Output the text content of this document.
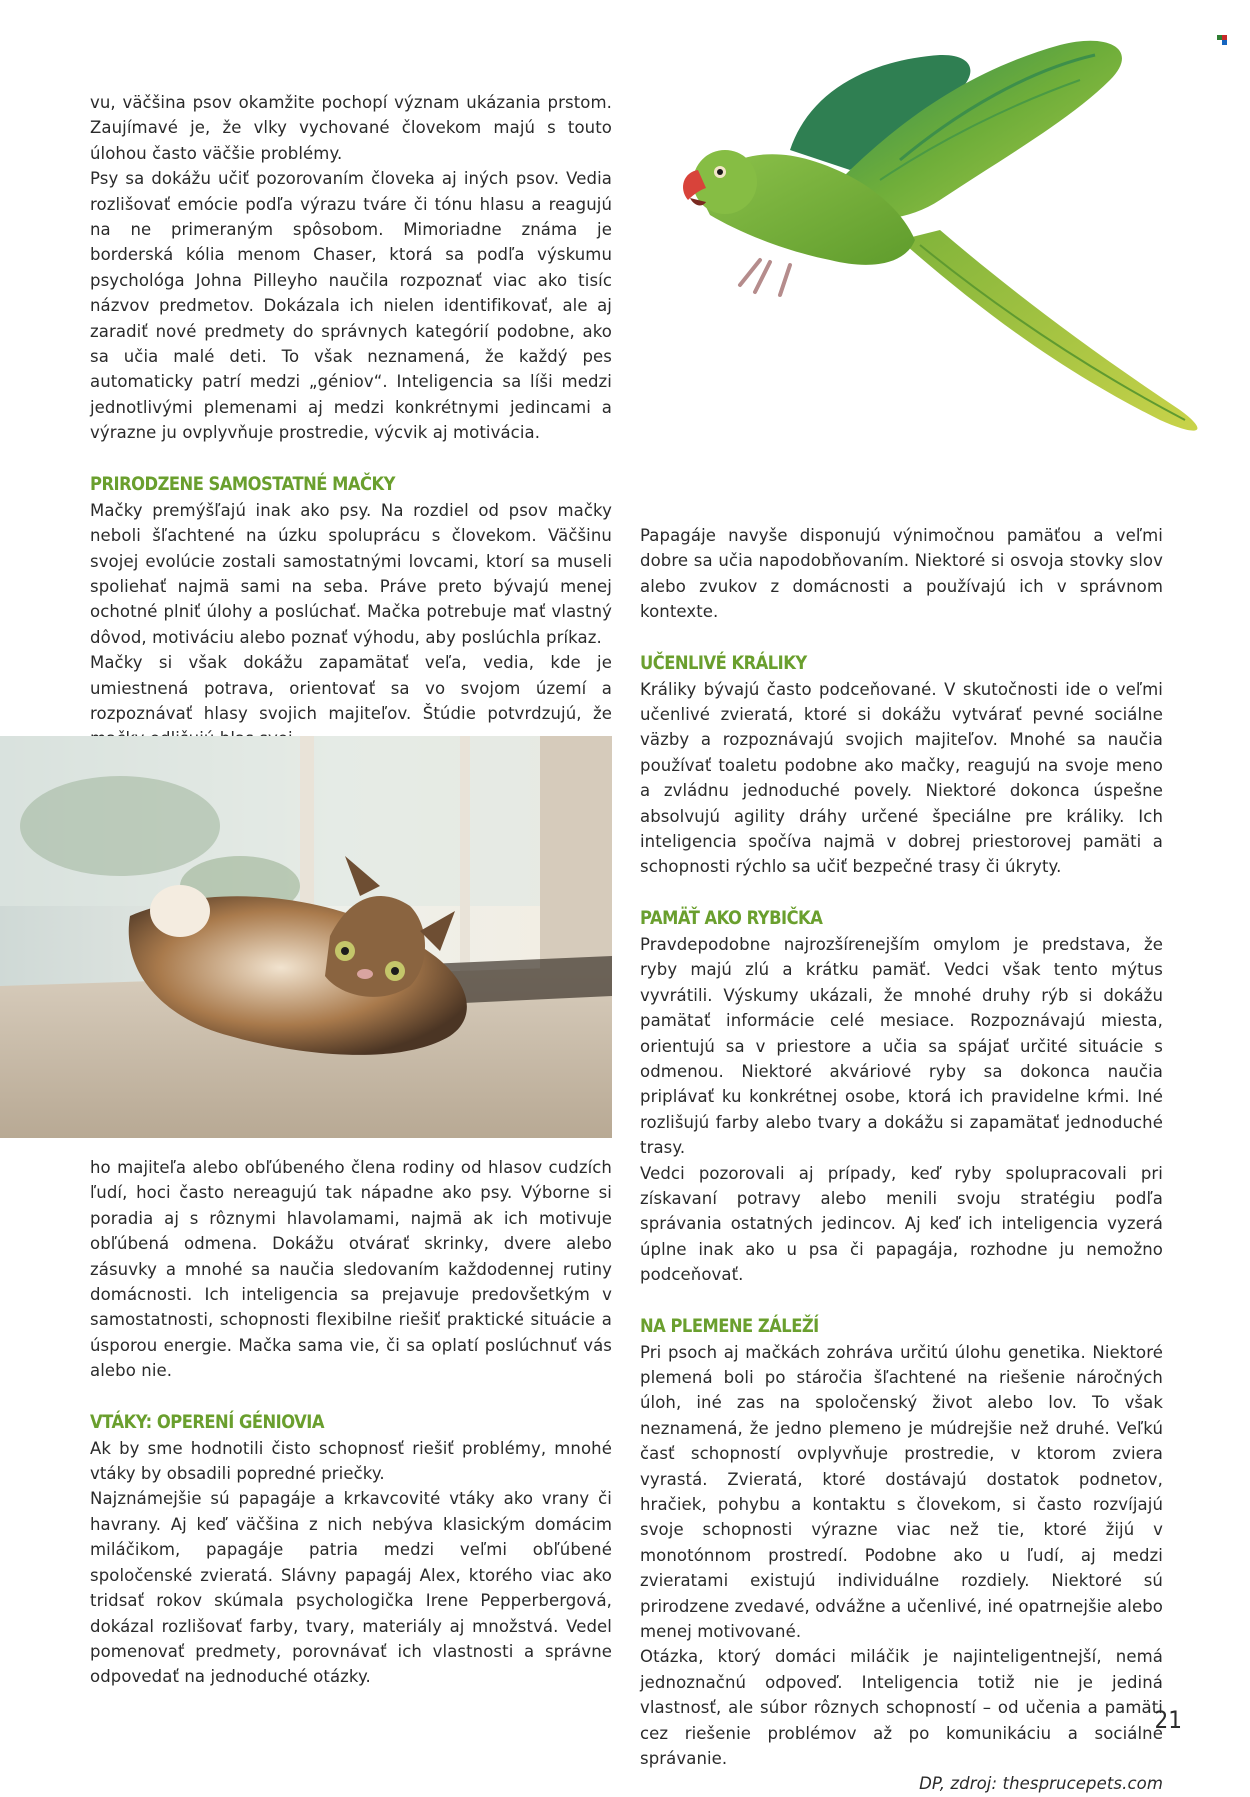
vu, väčšina psov okamžite pochopí význam ukázania prstom. Zaujímavé je, že vlky vychované človekom majú s touto úlohou často väčšie problémy.

Psy sa dokážu učiť pozorovaním človeka aj iných psov. Vedia rozlišovať emócie podľa výrazu tváre či tónu hlasu a reagujú na ne primeraným spôsobom. Mimoriadne známa je borderská kólia menom Chaser, ktorá sa podľa výskumu psychológa Johna Pilleyho naučila rozpoznať viac ako tisíc názvov predmetov. Dokázala ich nielen identifikovať, ale aj zaradiť nové predmety do správnych kategórií podobne, ako sa učia malé deti. To však neznamená, že každý pes automaticky patrí medzi „géniov“. Inteligencia sa líši medzi jednotlivými plemenami aj medzi konkrétnymi jedincami a výrazne ju ovplyvňuje prostredie, výcvik aj motivácia.

PRIRODZENE SAMOSTATNÉ MAČKY

Mačky premýšľajú inak ako psy. Na rozdiel od psov mačky neboli šľachtené na úzku spoluprácu s človekom. Väčšinu svojej evolúcie zostali samostatnými lovcami, ktorí sa museli spoliehať najmä sami na seba. Práve preto bývajú menej ochotné plniť úlohy a poslúchať. Mačka potrebuje mať vlastný dôvod, motiváciu alebo poznať výhodu, aby poslúchla príkaz.

Mačky si však dokážu zapamätať veľa, vedia, kde je umiestnená potrava, orientovať sa vo svojom území a rozpoznávať hlasy svojich majiteľov. Štúdie potvrdzujú, že

ho majiteľa alebo obľúbeného člena rodiny od hlasov cudzích ľudí, hoci často nereagujú tak nápadne ako psy. Výborne si poradia aj s rôznymi hlavolamami, najmä ak ich motivuje obľúbená odmena. Dokážu otvárať skrinky, dvere alebo zásuvky a mnohé sa naučia sledovaním každodennej rutiny domácnosti. Ich inteligencia sa prejavuje predovšetkým v samostatnosti, schopnosti flexibilne riešiť praktické situácie a úsporou energie. Mačka sama vie, či sa oplatí poslúchnuť vás alebo nie.

VTÁKY: OPERENÍ GÉNIOVIA

Ak by sme hodnotili čisto schopnosť riešiť problémy, mnohé vtáky by obsadili popredné priečky.

Najznámejšie sú papagáje a krkavcovité vtáky ako vrany či havrany. Aj keď väčšina z nich nebýva klasickým domácim miláčikom, papagáje patria medzi veľmi obľúbené spoločenské zvieratá. Slávny papagáj Alex, ktorého viac ako tridsať rokov skúmala psychologička Irene Pepperbergová, dokázal rozlišovať farby, tvary, materiály aj množstvá. Vedel pomenovať predmety, porovnávať ich vlastnosti a správne odpovedať na jednoduché otázky.

Papagáje navyše disponujú výnimočnou pamäťou a veľmi dobre sa učia napodobňovaním. Niektoré si osvoja stovky slov alebo zvukov z domácnosti a používajú ich v správnom kontexte.

UČENLIVÉ KRÁLIKY

Králiky bývajú často podceňované. V skutočnosti ide o veľmi učenlivé zvieratá, ktoré si dokážu vytvárať pevné sociálne väzby a rozpoznávajú svojich majiteľov. Mnohé sa naučia používať toaletu podobne ako mačky, reagujú na svoje meno a zvládnu jednoduché povely. Niektoré dokonca úspešne absolvujú agility dráhy určené špeciálne pre králiky. Ich inteligencia spočíva najmä v dobrej priestorovej pamäti a schopnosti rýchlo sa učiť bezpečné trasy či úkryty.

PAMÄŤ AKO RYBIČKA

Pravdepodobne najrozšírenejším omylom je predstava, že ryby majú zlú a krátku pamäť. Vedci však tento mýtus vyvrátili. Výskumy ukázali, že mnohé druhy rýb si dokážu pamätať informácie celé mesiace. Rozpoznávajú miesta, orientujú sa v priestore a učia sa spájať určité situácie s odmenou. Niektoré akváriové ryby sa dokonca naučia priplávať ku konkrétnej osobe, ktorá ich pravidelne kŕmi. Iné rozlišujú farby alebo tvary a dokážu si zapamätať jednoduché trasy.

Vedci pozorovali aj prípady, keď ryby spolupracovali pri získavaní potravy alebo menili svoju stratégiu podľa správania ostatných jedincov. Aj keď ich inteligencia vyzerá úplne inak ako u psa či papagája, rozhodne ju nemožno podceňovať.

NA PLEMENE ZÁLEŽÍ

Pri psoch aj mačkách zohráva určitú úlohu genetika. Niektoré plemená boli po stáročia šľachtené na riešenie náročných úloh, iné zas na spoločenský život alebo lov. To však neznamená, že jedno plemeno je múdrejšie než druhé. Veľkú časť schopností ovplyvňuje prostredie, v ktorom zviera vyrastá. Zvieratá, ktoré dostávajú dostatok podnetov, hračiek, pohybu a kontaktu s človekom, si často rozvíjajú svoje schopnosti výrazne viac než tie, ktoré žijú v monotónnom prostredí. Podobne ako u ľudí, aj medzi zvieratami existujú individuálne rozdiely. Niektoré sú prirodzene zvedavé, odvážne a učenlivé, iné opatrnejšie alebo menej motivované.

Otázka, ktorý domáci miláčik je najinteligentnejší, nemá jednoznačnú odpoveď. Inteligencia totiž nie je jediná vlastnosť, ale súbor rôznych schopností – od učenia a pamäti cez riešenie problémov až po komunikáciu a sociálne správanie.

DP, zdroj: thesprucepets.com

21
